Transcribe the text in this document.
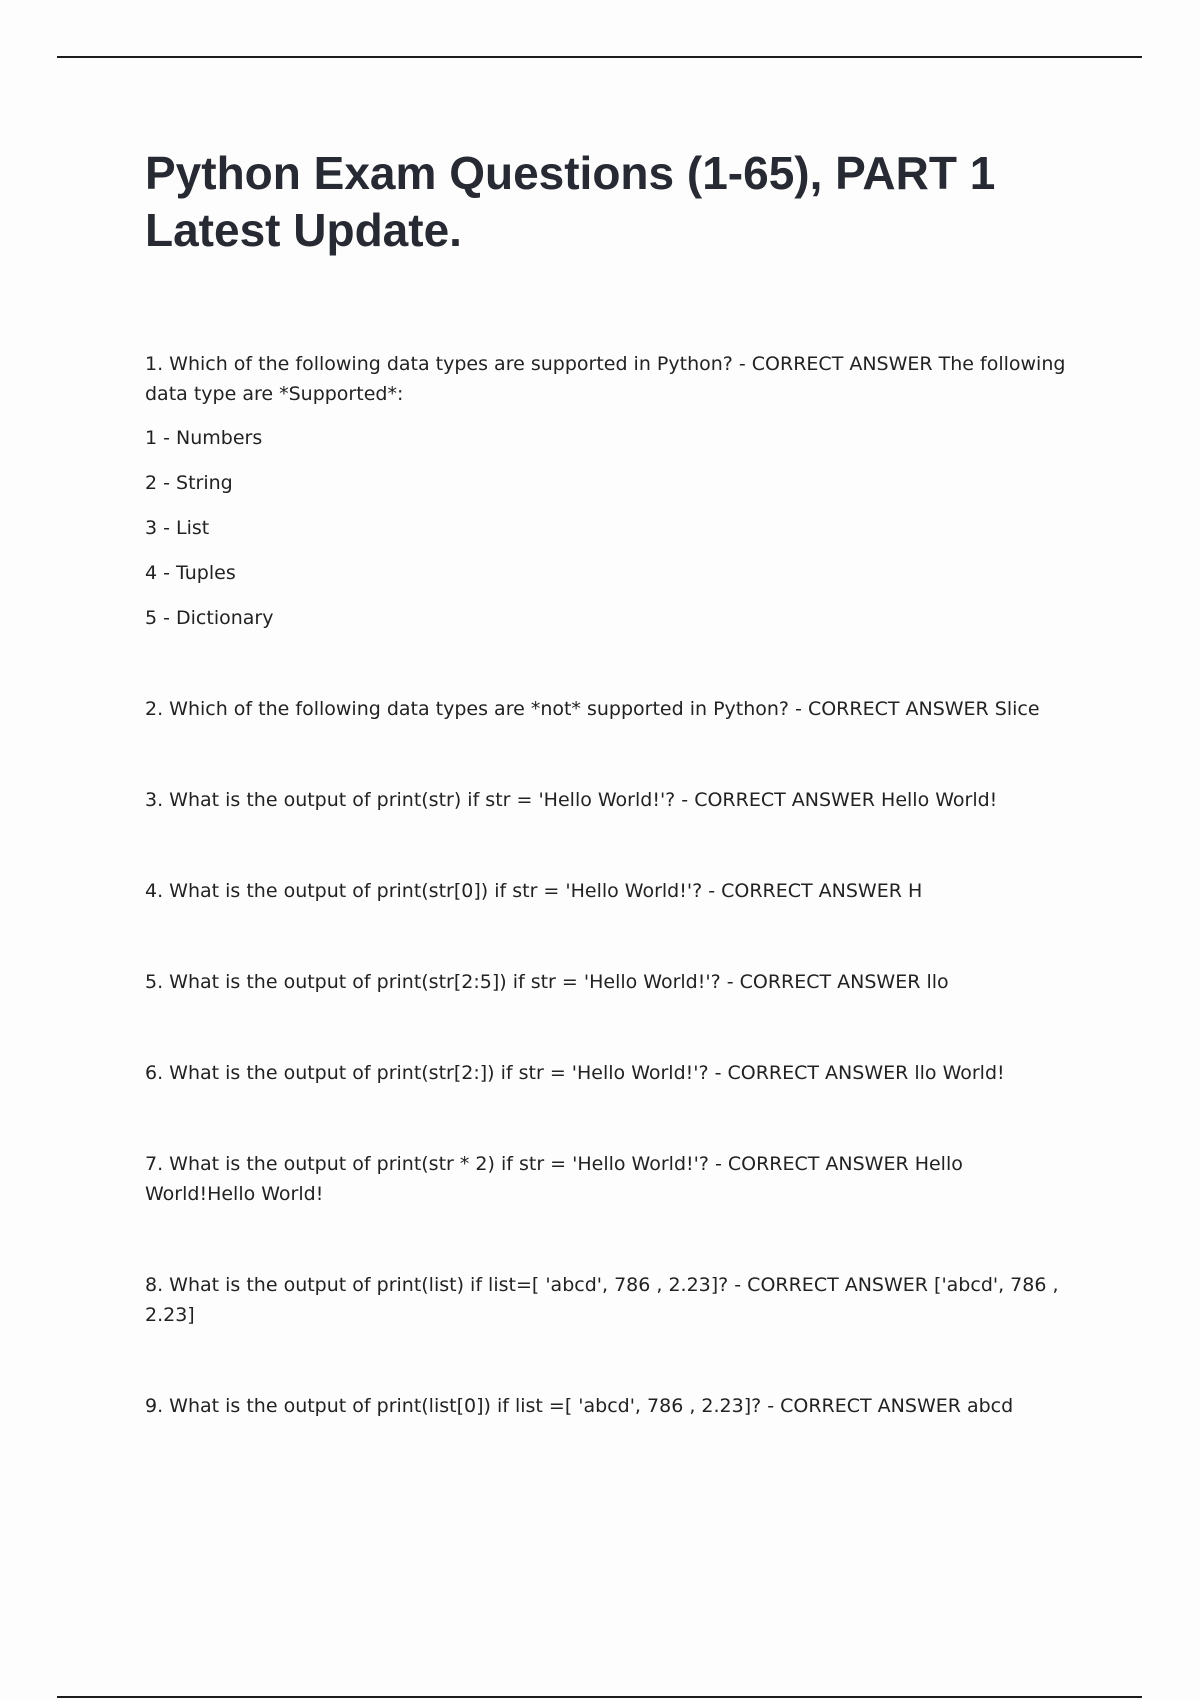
Python Exam Questions (1-65), PART 1
Latest Update.

1. Which of the following data types are supported in Python? - CORRECT ANSWER The following data type are *Supported*:

1 - Numbers
2 - String
3 - List
4 - Tuples
5 - Dictionary

2. Which of the following data types are *not* supported in Python? - CORRECT ANSWER Slice

3. What is the output of print(str) if str = 'Hello World!'? - CORRECT ANSWER Hello World!

4. What is the output of print(str[0]) if str = 'Hello World!'? - CORRECT ANSWER H

5. What is the output of print(str[2:5]) if str = 'Hello World!'? - CORRECT ANSWER llo

6. What is the output of print(str[2:]) if str = 'Hello World!'? - CORRECT ANSWER llo World!

7. What is the output of print(str * 2) if str = 'Hello World!'? - CORRECT ANSWER Hello World!Hello World!

8. What is the output of print(list) if list=[ 'abcd', 786 , 2.23]? - CORRECT ANSWER ['abcd', 786 , 2.23]

9. What is the output of print(list[0]) if list =[ 'abcd', 786 , 2.23]? - CORRECT ANSWER abcd
